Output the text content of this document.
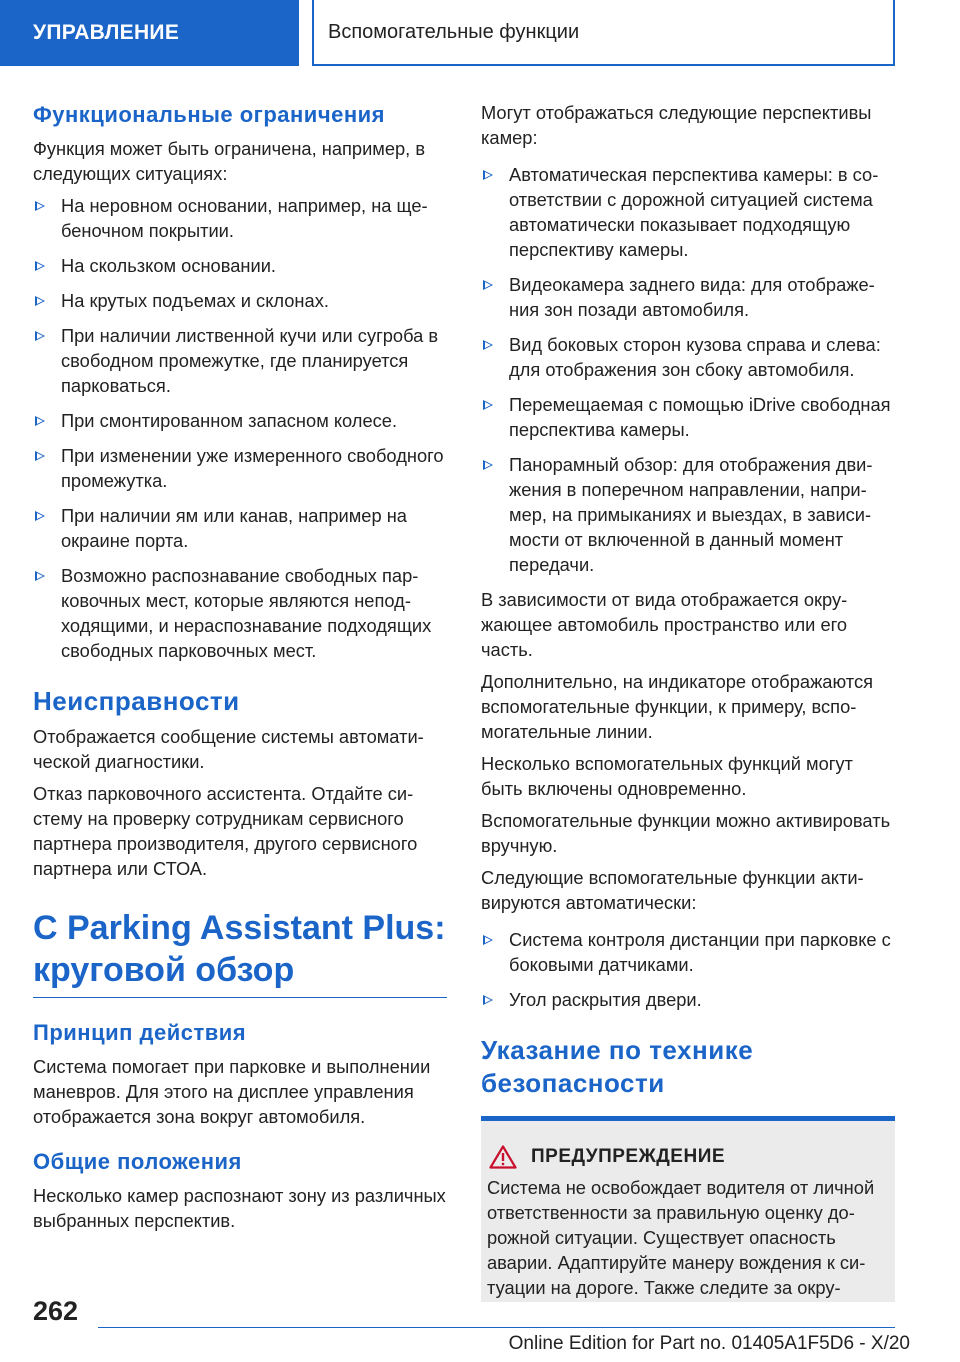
УПРАВЛЕНИЕ	Вспомогательные функции
Функциональные ограничения

Функция может быть ограничена, например, в следующих ситуациях:

На неровном основании, например, на щебеночном покрытии.
На скользком основании.
На крутых подъемах и склонах.
При наличии лиственной кучи или сугроба в свободном промежутке, где планируется парковаться.
При смонтированном запасном колесе.
При изменении уже измеренного свободного промежутка.
При наличии ям или канав, например на окраине порта.
Возможно распознавание свободных парковочных мест, которые являются неподходящими, и нераспознавание подходящих свободных парковочных мест.
Неисправности

Отображается сообщение системы автоматической диагностики.

Отказ парковочного ассистента. Отдайте систему на проверку сотрудникам сервисного партнера производителя, другого сервисного партнера или СТОА.

С Parking Assistant Plus: круговой обзор
Принцип действия

Система помогает при парковке и выполнении маневров. Для этого на дисплее управления отображается зона вокруг автомобиля.

Общие положения

Несколько камер распознают зону из различных выбранных перспектив.

Могут отображаться следующие перспективы камер:

Автоматическая перспектива камеры: в соответствии с дорожной ситуацией система автоматически показывает подходящую перспективу камеры.
Видеокамера заднего вида: для отображения зон позади автомобиля.
Вид боковых сторон кузова справа и слева: для отображения зон сбоку автомобиля.
Перемещаемая с помощью iDrive свободная перспектива камеры.
Панорамный обзор: для отображения движения в поперечном направлении, например, на примыканиях и выездах, в зависимости от включенной в данный момент передачи.

В зависимости от вида отображается окружающее автомобиль пространство или его часть.

Дополнительно, на индикаторе отображаются вспомогательные функции, к примеру, вспомогательные линии.

Несколько вспомогательных функций могут быть включены одновременно.

Вспомогательные функции можно активировать вручную.

Следующие вспомогательные функции активируются автоматически:

Система контроля дистанции при парковке с боковыми датчиками.
Угол раскрытия двери.
Указание по технике безопасности
ПРЕДУПРЕЖДЕНИЕ

Система не освобождает водителя от личной ответственности за правильную оценку дорожной ситуации. Существует опасность аварии. Адаптируйте манеру вождения к ситуации на дороге. Также следите за окру-

262
Online Edition for Part no. 01405A1F5D6 - X/20
